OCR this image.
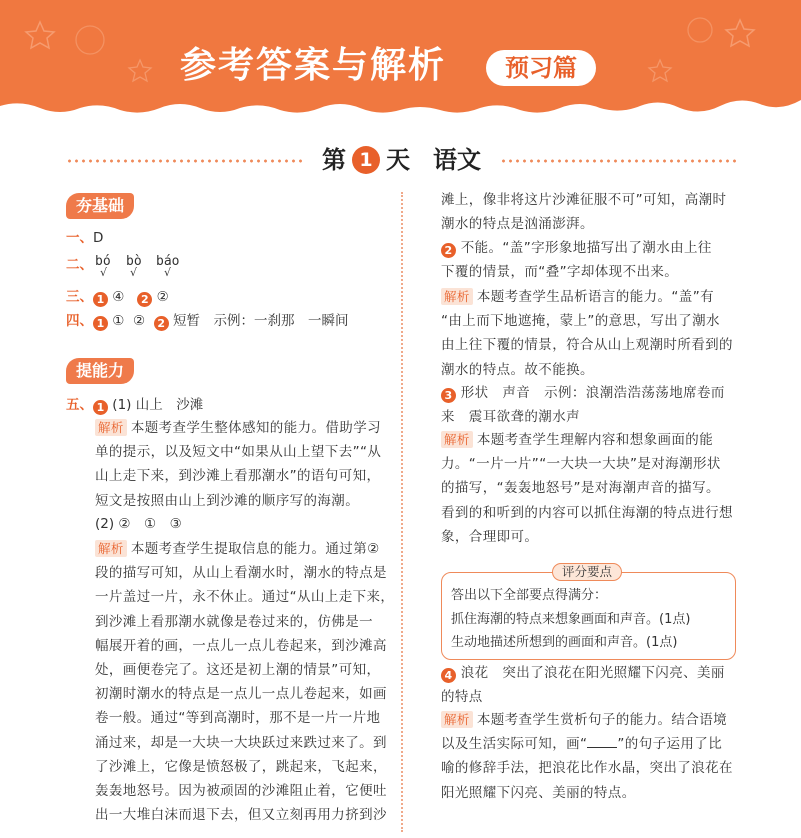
参考答案与解析	预习篇
第 1 天 语文
夯基础
一、D
二、 bó bò báo
√ √ √
三、 1 ④ 2 ②
四、 1 ① ② 2 短暂　示例：一刹那　一瞬间
提能力
五、 1 (1) 山上　沙滩
解析 本题考查学生整体感知的能力。借助学习
单的提示，以及短文中“如果从山上望下去”“从
山上走下来，到沙滩上看那潮水”的语句可知，
短文是按照由山上到沙滩的顺序写的海潮。
(2) ②　①　③
解析 本题考查学生提取信息的能力。通过第②
段的描写可知，从山上看潮水时，潮水的特点是
一片盖过一片，永不休止。通过“从山上走下来，
到沙滩上看那潮水就像是卷过来的，仿佛是一
幅展开着的画，一点儿一点儿卷起来，到沙滩高
处，画便卷完了。这还是初上潮的情景”可知，
初潮时潮水的特点是一点儿一点儿卷起来，如画
卷一般。通过“等到高潮时，那不是一片一片地
涌过来，却是一大块一大块跃过来跌过来了。到
了沙滩上，它像是愤怒极了，跳起来，飞起来，
轰轰地怒号。因为被顽固的沙滩阻止着，它便吐
出一大堆白沫而退下去，但又立刻再用力挤到沙
滩上，像非将这片沙滩征服不可”可知，高潮时
潮水的特点是汹涌澎湃。
2 不能。“盖”字形象地描写出了潮水由上往
下覆的情景，而“叠”字却体现不出来。
解析 本题考查学生品析语言的能力。“盖”有
“由上而下地遮掩，蒙上”的意思，写出了潮水
由上往下覆的情景，符合从山上观潮时所看到的
潮水的特点。故不能换。
3 形状　声音　示例：浪潮浩浩荡荡地席卷而
来　震耳欲聋的潮水声
解析 本题考查学生理解内容和想象画面的能
力。“一片一片”“一大块一大块”是对海潮形状
的描写，“轰轰地怒号”是对海潮声音的描写。
看到的和听到的内容可以抓住海潮的特点进行想
象，合理即可。
评分要点
答出以下全部要点得满分：
抓住海潮的特点来想象画面和声音。(1点)
生动地描述所想到的画面和声音。(1点)
4 浪花　突出了浪花在阳光照耀下闪亮、美丽
的特点
解析 本题考查学生赏析句子的能力。结合语境
以及生活实际可知，画“ ”的句子运用了比
喻的修辞手法，把浪花比作水晶，突出了浪花在
阳光照耀下闪亮、美丽的特点。
